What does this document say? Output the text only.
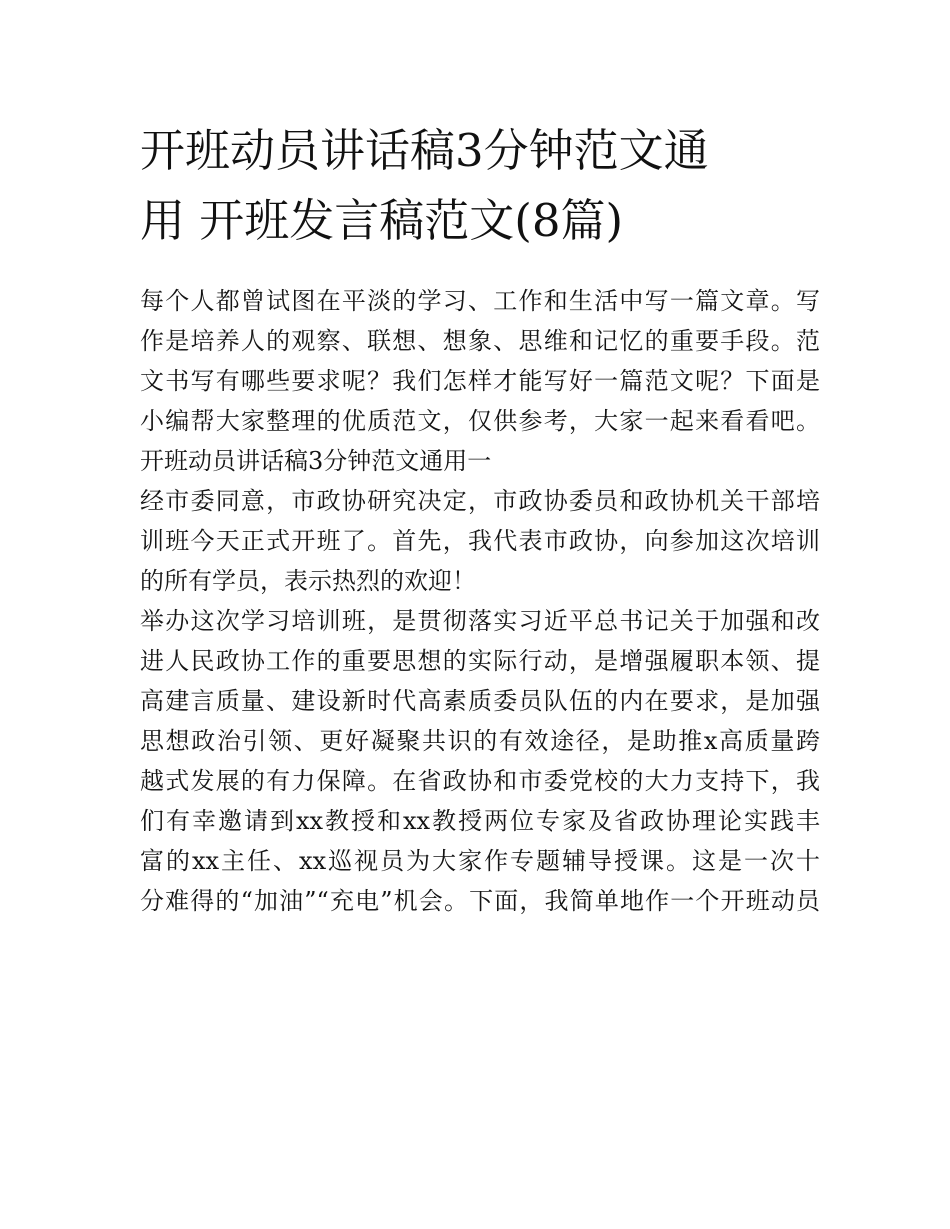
开班动员讲话稿3分钟范文通
用 开班发言稿范文(8篇)
每个人都曾试图在平淡的学习、工作和生活中写一篇文章。写
作是培养人的观察、联想、想象、思维和记忆的重要手段。范
文书写有哪些要求呢？我们怎样才能写好一篇范文呢？下面是
小编帮大家整理的优质范文，仅供参考，大家一起来看看吧。
开班动员讲话稿3分钟范文通用一
经市委同意，市政协研究决定，市政协委员和政协机关干部培
训班今天正式开班了。首先，我代表市政协，向参加这次培训
的所有学员，表示热烈的欢迎！
举办这次学习培训班，是贯彻落实习近平总书记关于加强和改
进人民政协工作的重要思想的实际行动，是增强履职本领、提
高建言质量、建设新时代高素质委员队伍的内在要求，是加强
思想政治引领、更好凝聚共识的有效途径，是助推x高质量跨
越式发展的有力保障。在省政协和市委党校的大力支持下，我
们有幸邀请到xx教授和xx教授两位专家及省政协理论实践丰
富的xx主任、xx巡视员为大家作专题辅导授课。这是一次十
分难得的“加油”“充电”机会。下面，我简单地作一个开班动员
